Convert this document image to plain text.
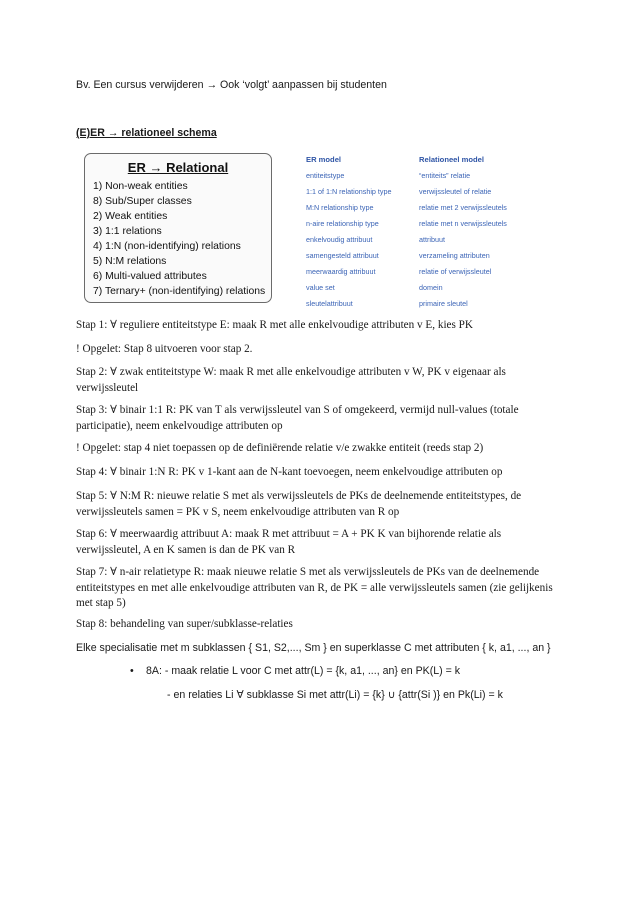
Bv. Een cursus verwijderen → Ook ‘volgt’ aanpassen bij studenten

(E)ER → relationeel schema

ER → Relational
1) Non-weak entities
8) Sub/Super classes
2) Weak entities
3) 1:1 relations
4) 1:N (non-identifying) relations
5) N:M relations
6) Multi-valued attributes
7) Ternary+ (non-identifying) relations
ER model	Relationeel model
entiteitstype	“entiteits” relatie
1:1 of 1:N relationship type	verwijssleutel of relatie
M:N relationship type	relatie met 2 verwijssleutels
n-aire relationship type	relatie met n verwijssleutels
enkelvoudig attribuut	attribuut
samengesteld attribuut	verzameling attributen
meerwaardig attribuut	relatie of verwijssleutel
value set	domein
sleutelattribuut	primaire sleutel

Stap 1: ∀ reguliere entiteitstype E: maak R met alle enkelvoudige attributen v E, kies PK

! Opgelet: Stap 8 uitvoeren voor stap 2.

Stap 2: ∀ zwak entiteitstype W: maak R met alle enkelvoudige attributen v W, PK v eigenaar als verwijssleutel

Stap 3: ∀ binair 1:1 R: PK van T als verwijssleutel van S of omgekeerd, vermijd null-values (totale participatie), neem enkelvoudige attributen op

! Opgelet: stap 4 niet toepassen op de definiërende relatie v/e zwakke entiteit (reeds stap 2)

Stap 4: ∀ binair 1:N R: PK v 1-kant aan de N-kant toevoegen, neem enkelvoudige attributen op

Stap 5: ∀ N:M R: nieuwe relatie S met als verwijssleutels de PKs de deelnemende entiteitstypes, de verwijssleutels samen = PK v S, neem enkelvoudige attributen van R op

Stap 6: ∀ meerwaardig attribuut A: maak R met attribuut = A + PK K van bijhorende relatie als verwijssleutel, A en K samen is dan de PK van R

Stap 7: ∀ n-air relatietype R: maak nieuwe relatie S met als verwijssleutels de PKs van de deelnemende entiteitstypes en met alle enkelvoudige attributen van R, de PK = alle verwijssleutels samen (zie gelijkenis met stap 5)

Stap 8: behandeling van super/subklasse-relaties

Elke specialisatie met m subklassen { S1, S2,..., Sm } en superklasse C met attributen { k, a1, ..., an }

• 8A: - maak relatie L voor C met attr(L) = {k, a1, ..., an} en PK(L) = k
- en relaties Li ∀ subklasse Si met attr(Li) = {k} ∪ {attr(Si )} en Pk(Li) = k
